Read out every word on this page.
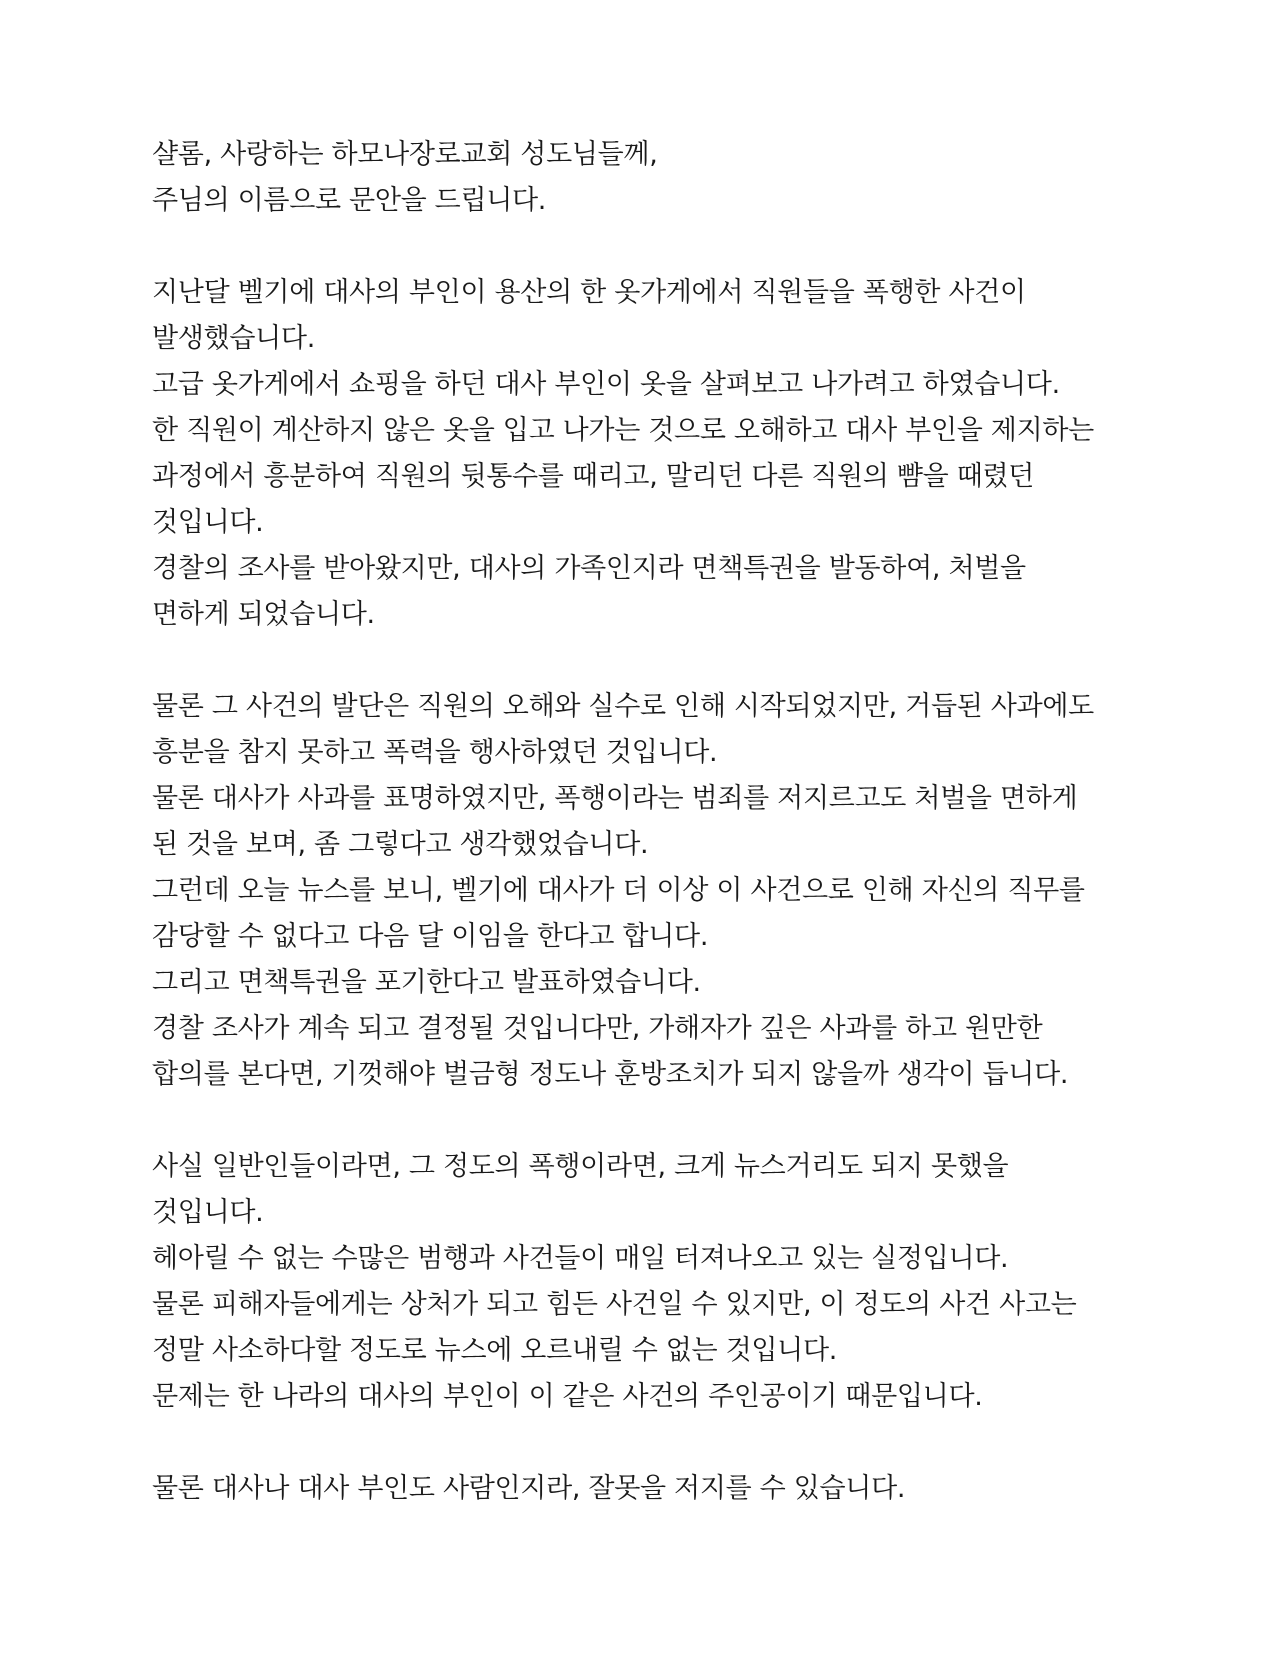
샬롬, 사랑하는 하모나장로교회 성도님들께,
주님의 이름으로 문안을 드립니다.
지난달 벨기에 대사의 부인이 용산의 한 옷가게에서 직원들을 폭행한 사건이
발생했습니다.
고급 옷가게에서 쇼핑을 하던 대사 부인이 옷을 살펴보고 나가려고 하였습니다.
한 직원이 계산하지 않은 옷을 입고 나가는 것으로 오해하고 대사 부인을 제지하는
과정에서 흥분하여 직원의 뒷통수를 때리고, 말리던 다른 직원의 뺨을 때렸던
것입니다.
경찰의 조사를 받아왔지만, 대사의 가족인지라 면책특권을 발동하여, 처벌을
면하게 되었습니다.
물론 그 사건의 발단은 직원의 오해와 실수로 인해 시작되었지만, 거듭된 사과에도
흥분을 참지 못하고 폭력을 행사하였던 것입니다.
물론 대사가 사과를 표명하였지만, 폭행이라는 범죄를 저지르고도 처벌을 면하게
된 것을 보며, 좀 그렇다고 생각했었습니다.
그런데 오늘 뉴스를 보니, 벨기에 대사가 더 이상 이 사건으로 인해 자신의 직무를
감당할 수 없다고 다음 달 이임을 한다고 합니다.
그리고 면책특권을 포기한다고 발표하였습니다.
경찰 조사가 계속 되고 결정될 것입니다만, 가해자가 깊은 사과를 하고 원만한
합의를 본다면, 기껏해야 벌금형 정도나 훈방조치가 되지 않을까 생각이 듭니다.
사실 일반인들이라면, 그 정도의 폭행이라면, 크게 뉴스거리도 되지 못했을
것입니다.
헤아릴 수 없는 수많은 범행과 사건들이 매일 터져나오고 있는 실정입니다.
물론 피해자들에게는 상처가 되고 힘든 사건일 수 있지만, 이 정도의 사건 사고는
정말 사소하다할 정도로 뉴스에 오르내릴 수 없는 것입니다.
문제는 한 나라의 대사의 부인이 이 같은 사건의 주인공이기 때문입니다.
물론 대사나 대사 부인도 사람인지라, 잘못을 저지를 수 있습니다.
